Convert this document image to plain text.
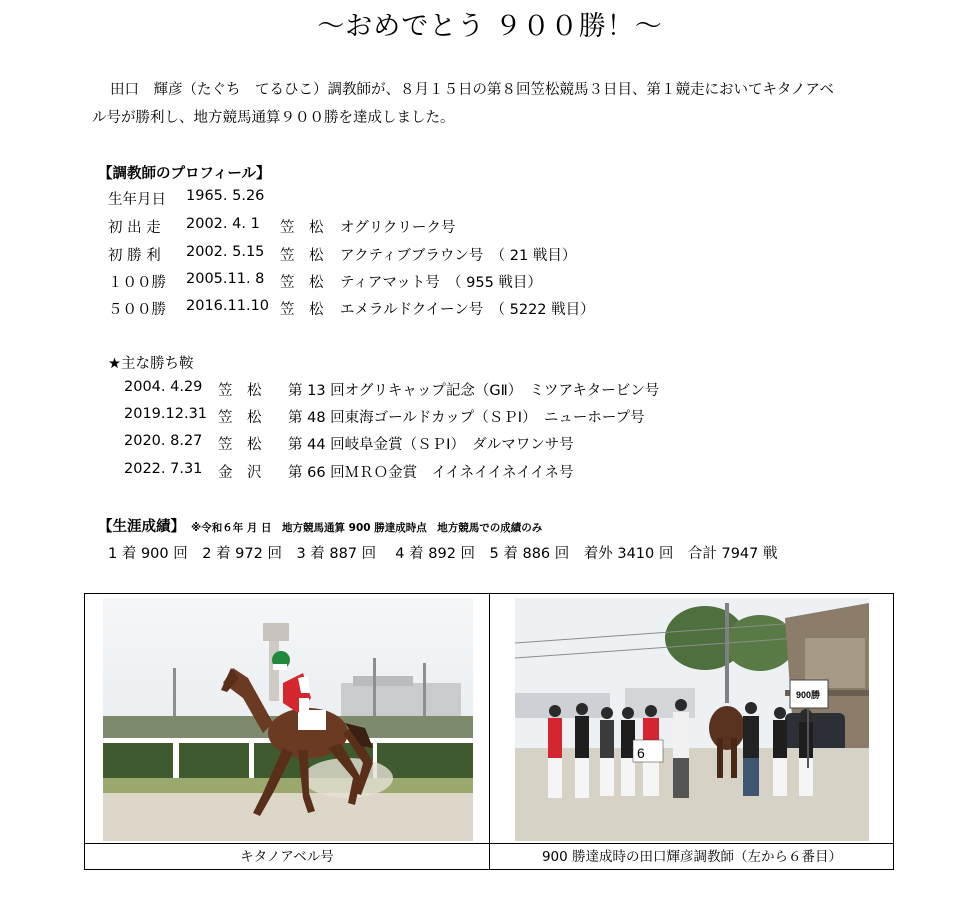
～おめでとう ９００勝！～
田口　輝彦（たぐち　てるひこ）調教師が、８月１５日の第８回笠松競馬３日目、第１競走においてキタノアベ
ル号が勝利し、地方競馬通算９００勝を達成しました。
【調教師のプロフィール】
生年月日	1965. 5.26
初 出 走	2002. 4. 1	笠　松	オグリクリーク号
初 勝 利	2002. 5.15	笠　松	アクティブブラウン号　（ 21 戦目）
１００勝	2005.11. 8	笠　松	ティアマット号　（ 955 戦目）
５００勝	2016.11.10 笠　松	エメラルドクイーン号　（ 5222 戦目）
★主な勝ち鞍
2004. 4.29	笠　松	第 13 回オグリキャップ記念（GⅡ）　ミツアキタービン号
2019.12.31 笠　松	第 48 回東海ゴールドカップ（ＳＰⅠ）　ニューホープ号
2020. 8.27	笠　松	第 44 回岐阜金賞（ＳＰⅠ）　ダルマワンサ号
2022. 7.31	金　沢	第 66 回ＭＲＯ金賞　イイネイイネイイネ号
【生涯成績】 ※令和６年 月 日　地方競馬通算 900 勝達成時点　地方競馬での成績のみ
1 着 900 回　2 着 972 回　3 着 887 回　 4 着 892 回　5 着 886 回　着外 3410 回　合計 7947 戦
6
900勝
キタノアベル号	900 勝達成時の田口輝彦調教師（左から６番目）
